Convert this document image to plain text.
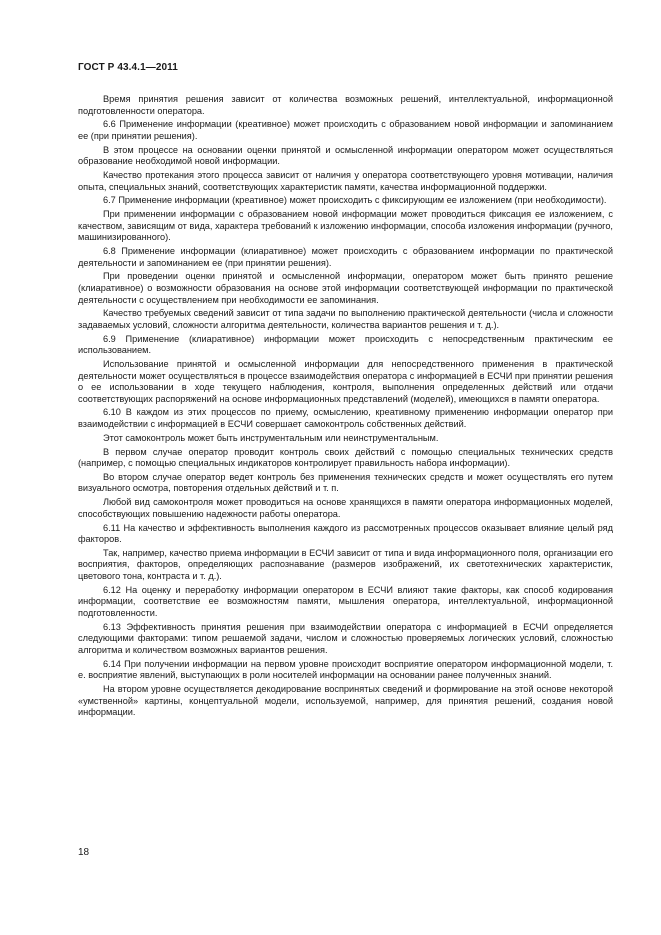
ГОСТ Р 43.4.1—2011

Время принятия решения зависит от количества возможных решений, интеллектуальной, информационной подготовленности оператора.

6.6 Применение информации (креативное) может происходить с образованием новой информации и запоминанием ее (при принятии решения).

В этом процессе на основании оценки принятой и осмысленной информации оператором может осуществляться образование необходимой новой информации.

Качество протекания этого процесса зависит от наличия у оператора соответствующего уровня мотивации, наличия опыта, специальных знаний, соответствующих характеристик памяти, качества информационной поддержки.

6.7 Применение информации (креативное) может происходить с фиксирующим ее изложением (при необходимости).

При применении информации с образованием новой информации может проводиться фиксация ее изложением, с качеством, зависящим от вида, характера требований к изложению информации, способа изложения информации (ручного, машинизированного).

6.8 Применение информации (клиаративное) может происходить с образованием информации по практической деятельности и запоминанием ее (при принятии решения).

При проведении оценки принятой и осмысленной информации, оператором может быть принято решение (клиаративное) о возможности образования на основе этой информации соответствующей информации по практической деятельности с осуществлением при необходимости ее запоминания.

Качество требуемых сведений зависит от типа задачи по выполнению практической деятельности (числа и сложности задаваемых условий, сложности алгоритма деятельности, количества вариантов решения и т. д.).

6.9 Применение (клиаративное) информации может происходить с непосредственным практическим ее использованием.

Использование принятой и осмысленной информации для непосредственного применения в практической деятельности может осуществляться в процессе взаимодействия оператора с информацией в ЕСЧИ при принятии решения о ее использовании в ходе текущего наблюдения, контроля, выполнения определенных действий или отдачи соответствующих распоряжений на основе информационных представлений (моделей), имеющихся в памяти оператора.

6.10 В каждом из этих процессов по приему, осмыслению, креативному применению информации оператор при взаимодействии с информацией в ЕСЧИ совершает самоконтроль собственных действий.

Этот самоконтроль может быть инструментальным или неинструментальным.

В первом случае оператор проводит контроль своих действий с помощью специальных технических средств (например, с помощью специальных индикаторов контролирует правильность набора информации).

Во втором случае оператор ведет контроль без применения технических средств и может осуществлять его путем визуального осмотра, повторения отдельных действий и т. п.

Любой вид самоконтроля может проводиться на основе хранящихся в памяти оператора информационных моделей, способствующих повышению надежности работы оператора.

6.11 На качество и эффективность выполнения каждого из рассмотренных процессов оказывает влияние целый ряд факторов.

Так, например, качество приема информации в ЕСЧИ зависит от типа и вида информационного поля, организации его восприятия, факторов, определяющих распознавание (размеров изображений, их светотехнических характеристик, цветового тона, контраста и т. д.).

6.12 На оценку и переработку информации оператором в ЕСЧИ влияют такие факторы, как способ кодирования информации, соответствие ее возможностям памяти, мышления оператора, интеллектуальной, информационной подготовленности.

6.13 Эффективность принятия решения при взаимодействии оператора с информацией в ЕСЧИ определяется следующими факторами: типом решаемой задачи, числом и сложностью проверяемых логических условий, сложностью алгоритма и количеством возможных вариантов решения.

6.14 При получении информации на первом уровне происходит восприятие оператором информационной модели, т. е. восприятие явлений, выступающих в роли носителей информации на основании ранее полученных знаний.

На втором уровне осуществляется декодирование воспринятых сведений и формирование на этой основе некоторой «умственной» картины, концептуальной модели, используемой, например, для принятия решений, создания новой информации.

18
